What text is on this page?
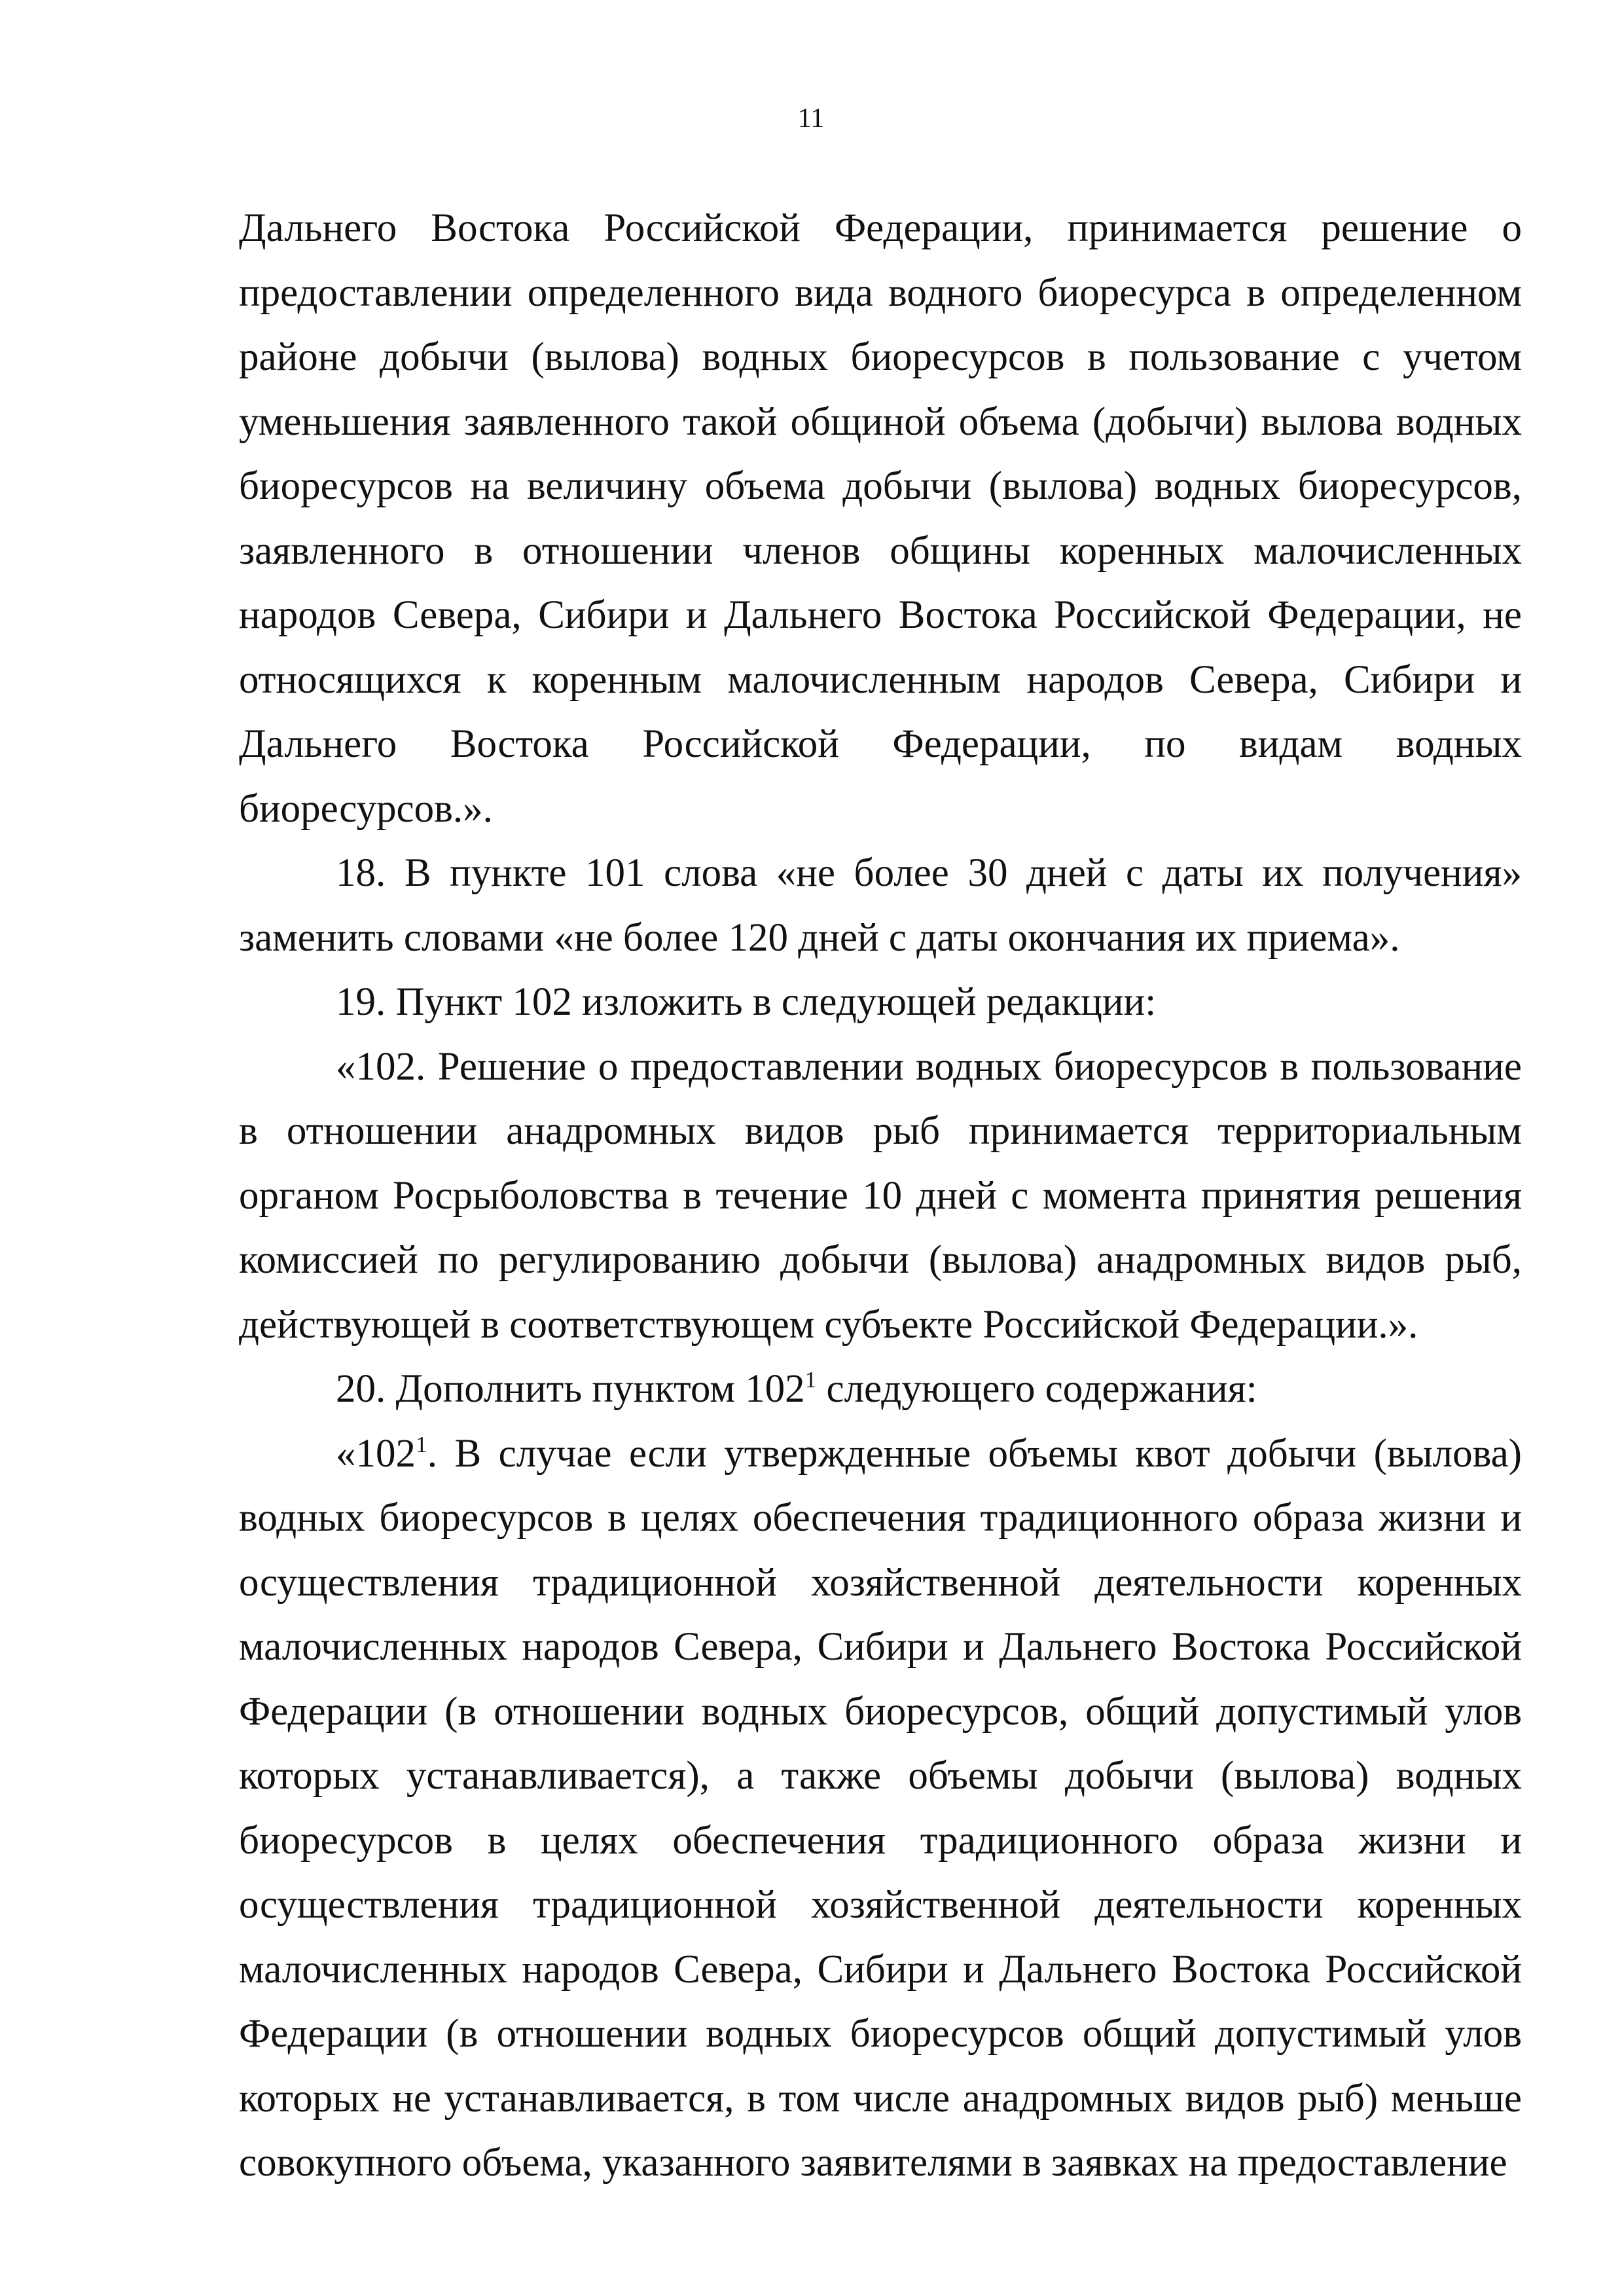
11

Дальнего Востока Российской Федерации, принимается решение о предоставлении определенного вида водного биоресурса в определенном районе добычи (вылова) водных биоресурсов в пользование с учетом уменьшения заявленного такой общиной объема (добычи) вылова водных биоресурсов на величину объема добычи (вылова) водных биоресурсов, заявленного в отношении членов общины коренных малочисленных народов Севера, Сибири и Дальнего Востока Российской Федерации, не относящихся к коренным малочисленным народов Севера, Сибири и Дальнего Востока Российской Федерации, по видам водных биоресурсов.».

18. В пункте 101 слова «не более 30 дней с даты их получения» заменить словами «не более 120 дней с даты окончания их приема».

19. Пункт 102 изложить в следующей редакции:

«102. Решение о предоставлении водных биоресурсов в пользование в отношении анадромных видов рыб принимается территориальным органом Росрыболовства в течение 10 дней с момента принятия решения комиссией по регулированию добычи (вылова) анадромных видов рыб, действующей в соответствующем субъекте Российской Федерации.».

20. Дополнить пунктом $102^1$ следующего содержания:

«$102^1$. В случае если утвержденные объемы квот добычи (вылова) водных биоресурсов в целях обеспечения традиционного образа жизни и осуществления традиционной хозяйственной деятельности коренных малочисленных народов Севера, Сибири и Дальнего Востока Российской Федерации (в отношении водных биоресурсов, общий допустимый улов которых устанавливается), а также объемы добычи (вылова) водных биоресурсов в целях обеспечения традиционного образа жизни и осуществления традиционной хозяйственной деятельности коренных малочисленных народов Севера, Сибири и Дальнего Востока Российской Федерации (в отношении водных биоресурсов общий допустимый улов которых не устанавливается, в том числе анадромных видов рыб) меньше совокупного объема, указанного заявителями в заявках на предоставление
